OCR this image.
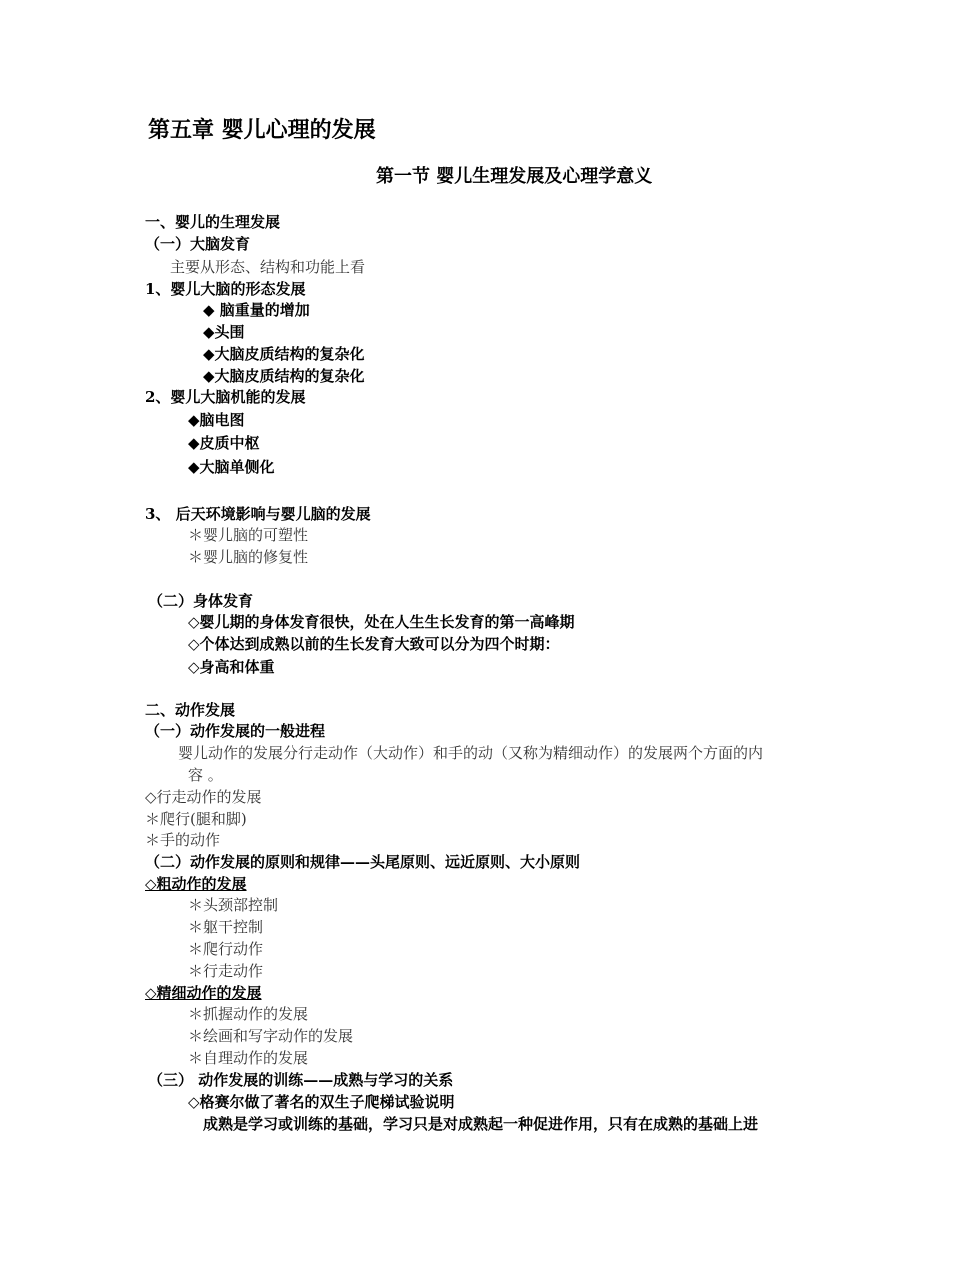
第五章 婴儿心理的发展
第一节 婴儿生理发展及心理学意义
一、婴儿的生理发展
（一）大脑发育
主要从形态、结构和功能上看
1、婴儿大脑的形态发展
◆ 脑重量的增加
◆头围
◆大脑皮质结构的复杂化
◆大脑皮质结构的复杂化
2、婴儿大脑机能的发展
◆脑电图
◆皮质中枢
◆大脑单侧化
3、 后天环境影响与婴儿脑的发展
＊婴儿脑的可塑性
＊婴儿脑的修复性
（二）身体发育
◇婴儿期的身体发育很快，处在人生生长发育的第一高峰期
◇个体达到成熟以前的生长发育大致可以分为四个时期：
◇身高和体重
二、动作发展
（一）动作发展的一般进程
婴儿动作的发展分行走动作（大动作）和手的动（又称为精细动作）的发展两个方面的内
容 。
◇行走动作的发展
＊爬行(腿和脚)
＊手的动作
（二）动作发展的原则和规律——头尾原则、远近原则、大小原则
◇粗动作的发展
＊头颈部控制
＊躯干控制
＊爬行动作
＊行走动作
◇精细动作的发展
＊抓握动作的发展
＊绘画和写字动作的发展
＊自理动作的发展
（三） 动作发展的训练——成熟与学习的关系
◇格赛尔做了著名的双生子爬梯试验说明
成熟是学习或训练的基础，学习只是对成熟起一种促进作用，只有在成熟的基础上进
